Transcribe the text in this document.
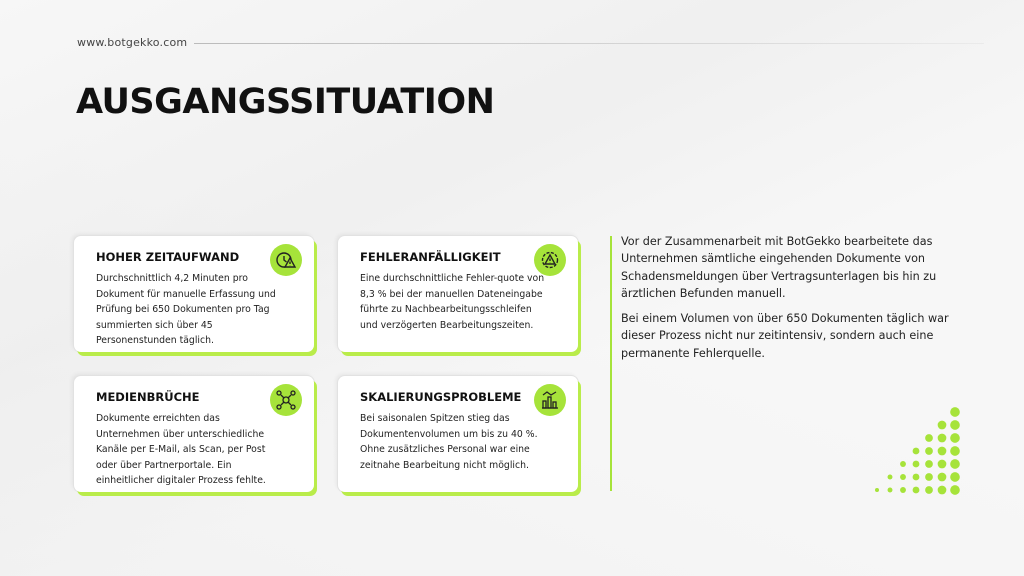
www.botgekko.com
AUSGANGSSITUATION
HOHER ZEITAUFWAND

Durchschnittlich 4,2 Minuten pro Dokument für manuelle Erfassung und Prüfung bei 650 Dokumenten pro Tag summierten sich über 45 Personenstunden täglich.

FEHLERANFÄLLIGKEIT

Eine durchschnittliche Fehler-quote von 8,3 % bei der manuellen Dateneingabe führte zu Nachbearbeitungsschleifen und verzögerten Bearbeitungszeiten.

MEDIENBRÜCHE

Dokumente erreichten das Unternehmen über unterschiedliche Kanäle per E-Mail, als Scan, per Post oder über Partnerportale. Ein einheitlicher digitaler Prozess fehlte.

SKALIERUNGSPROBLEME

Bei saisonalen Spitzen stieg das Dokumentenvolumen um bis zu 40 %. Ohne zusätzliches Personal war eine zeitnahe Bearbeitung nicht möglich.

Vor der Zusammenarbeit mit BotGekko bearbeitete das Unternehmen sämtliche eingehenden Dokumente von Schadensmeldungen über Vertragsunterlagen bis hin zu ärztlichen Befunden manuell.

Bei einem Volumen von über 650 Dokumenten täglich war dieser Prozess nicht nur zeitintensiv, sondern auch eine permanente Fehlerquelle.
